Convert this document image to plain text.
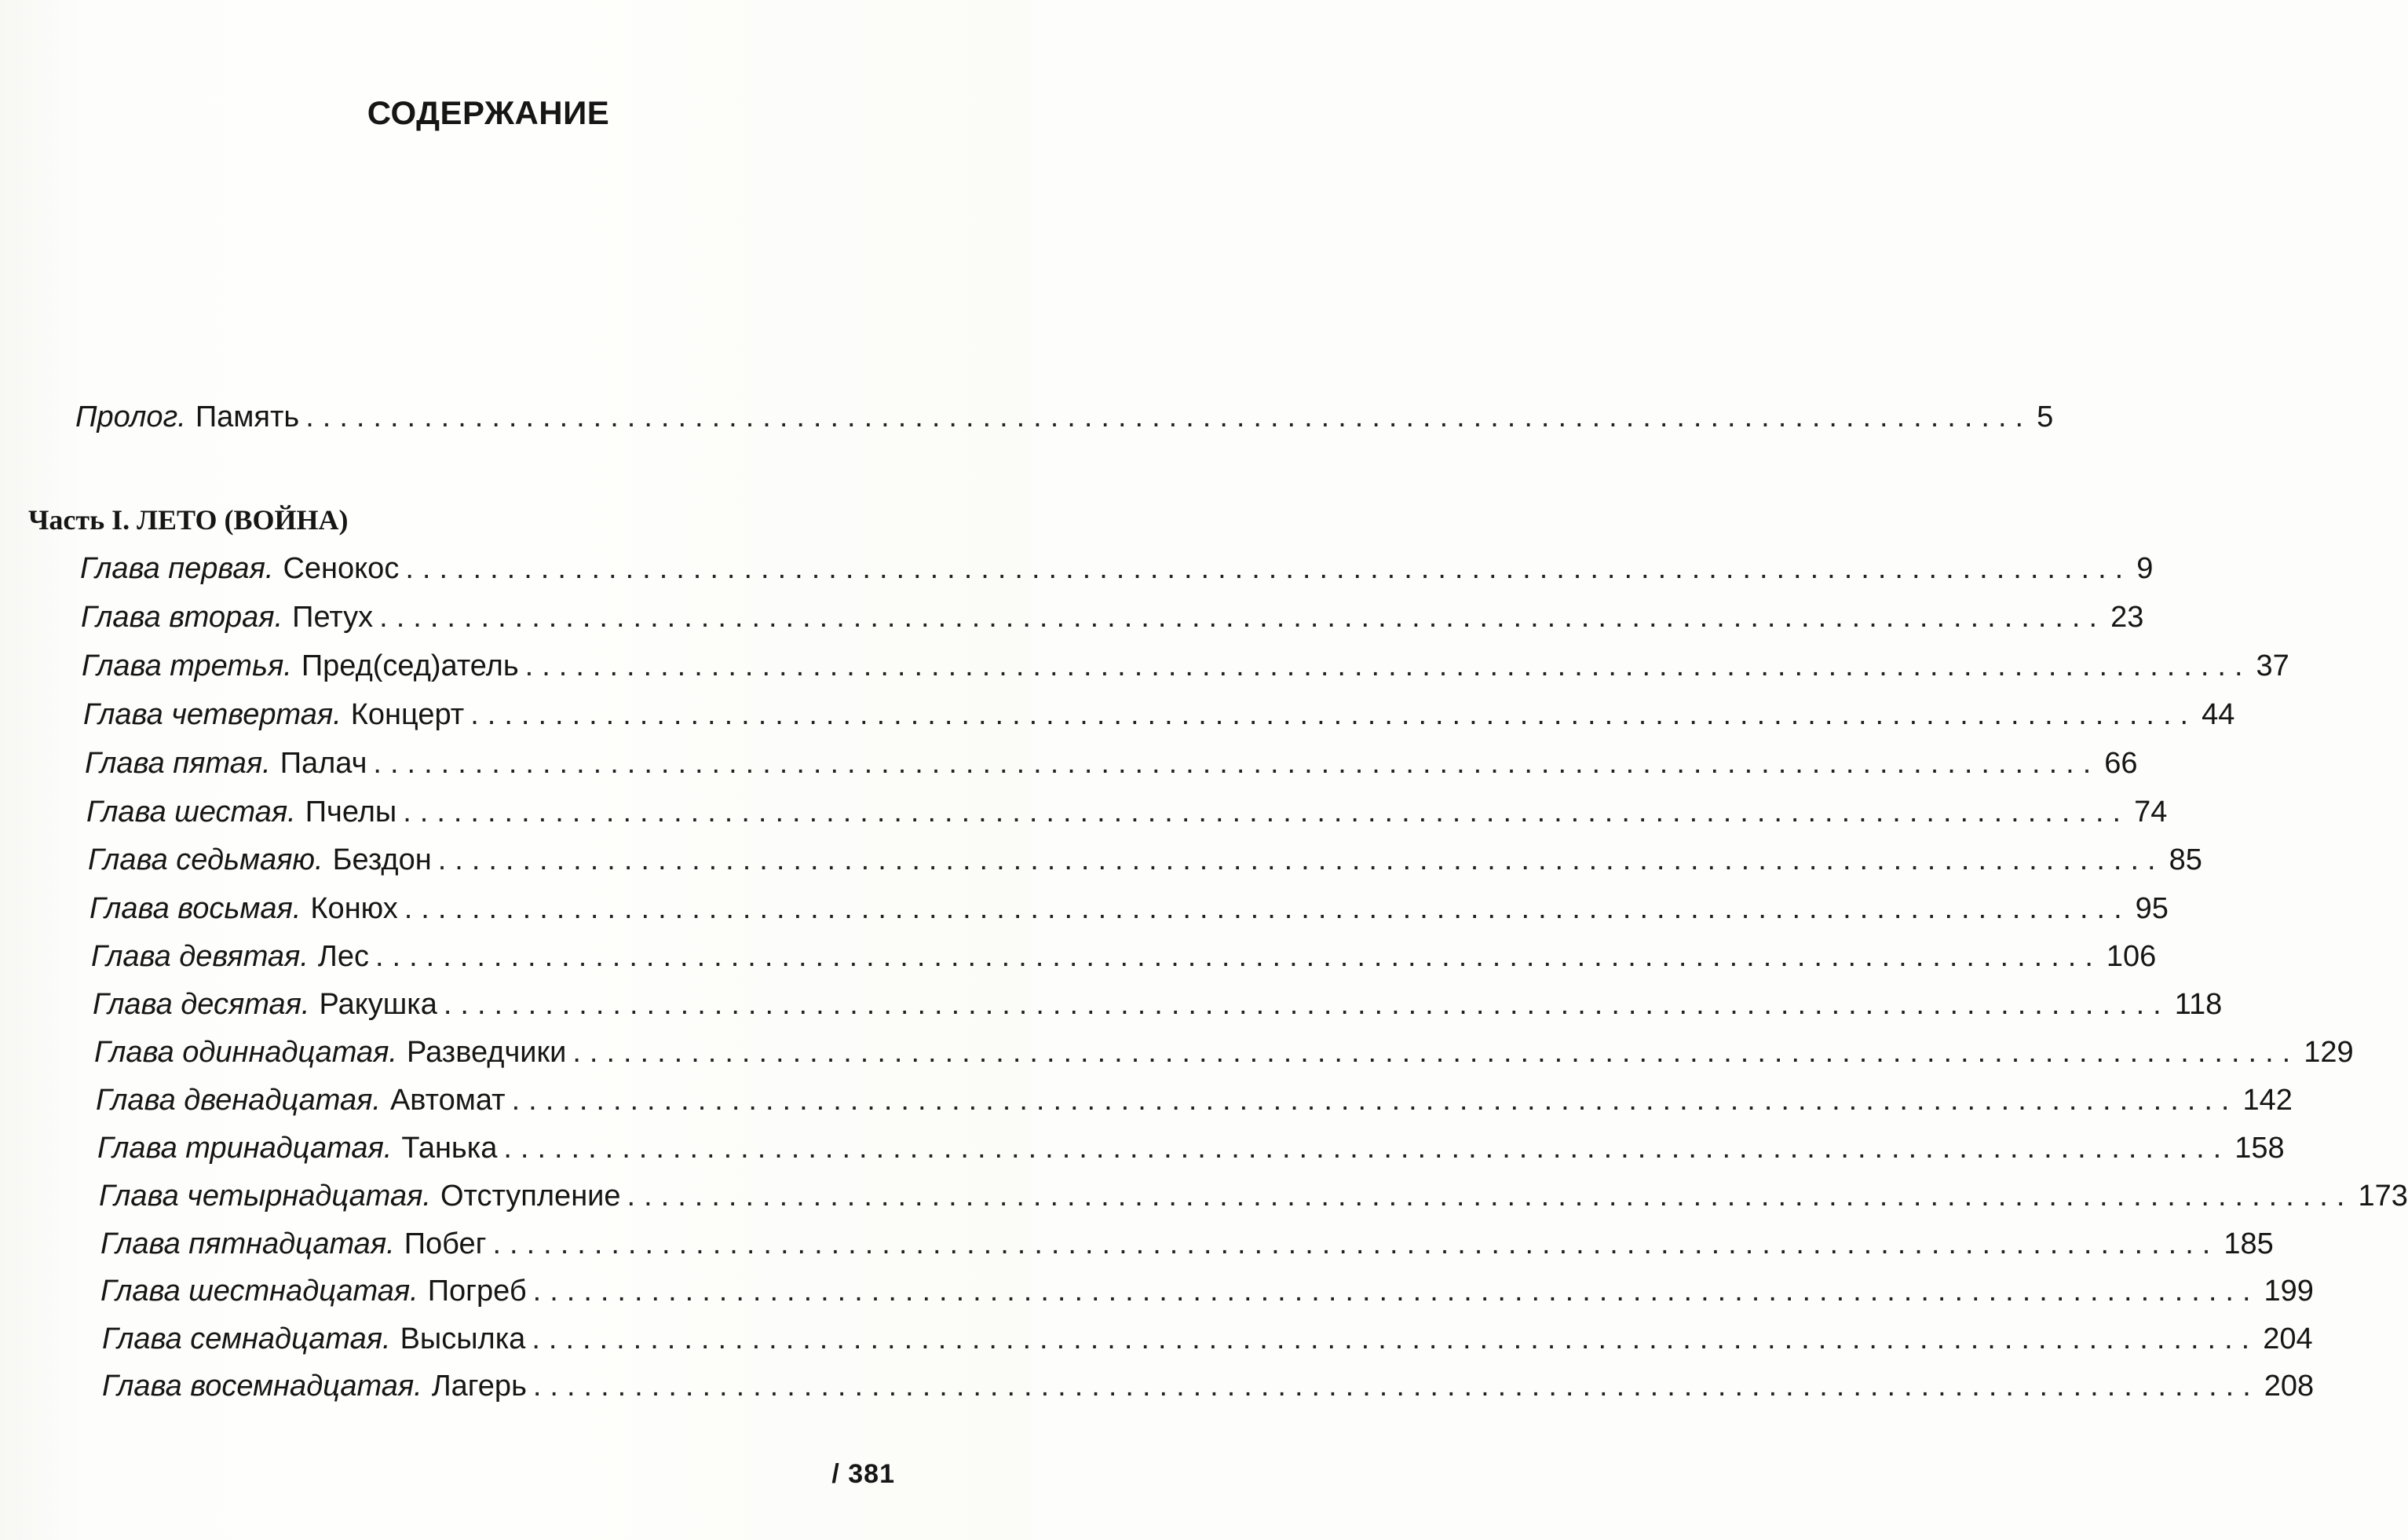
СОДЕРЖАНИЕ
Пролог. Память ...................................................................................................... 5
Часть I. ЛЕТО (ВОЙНА)
Глава первая. Сенокос ...................................................................................................... 9
Глава вторая. Петух ...................................................................................................... 23
Глава третья. Пред(сед)атель ...................................................................................................... 37
Глава четвертая. Концерт ...................................................................................................... 44
Глава пятая. Палач ...................................................................................................... 66
Глава шестая. Пчелы ...................................................................................................... 74
Глава седьмаяю. Бездон ...................................................................................................... 85
Глава восьмая. Конюх ...................................................................................................... 95
Глава девятая. Лес ...................................................................................................... 106
Глава десятая. Ракушка ...................................................................................................... 118
Глава одиннадцатая. Разведчики ...................................................................................................... 129
Глава двенадцатая. Автомат ...................................................................................................... 142
Глава тринадцатая. Танька ...................................................................................................... 158
Глава четырнадцатая. Отступление ...................................................................................................... 173
Глава пятнадцатая. Побег ...................................................................................................... 185
Глава шестнадцатая. Погреб ...................................................................................................... 199
Глава семнадцатая. Высылка ...................................................................................................... 204
Глава восемнадцатая. Лагерь ...................................................................................................... 208
/ 381
